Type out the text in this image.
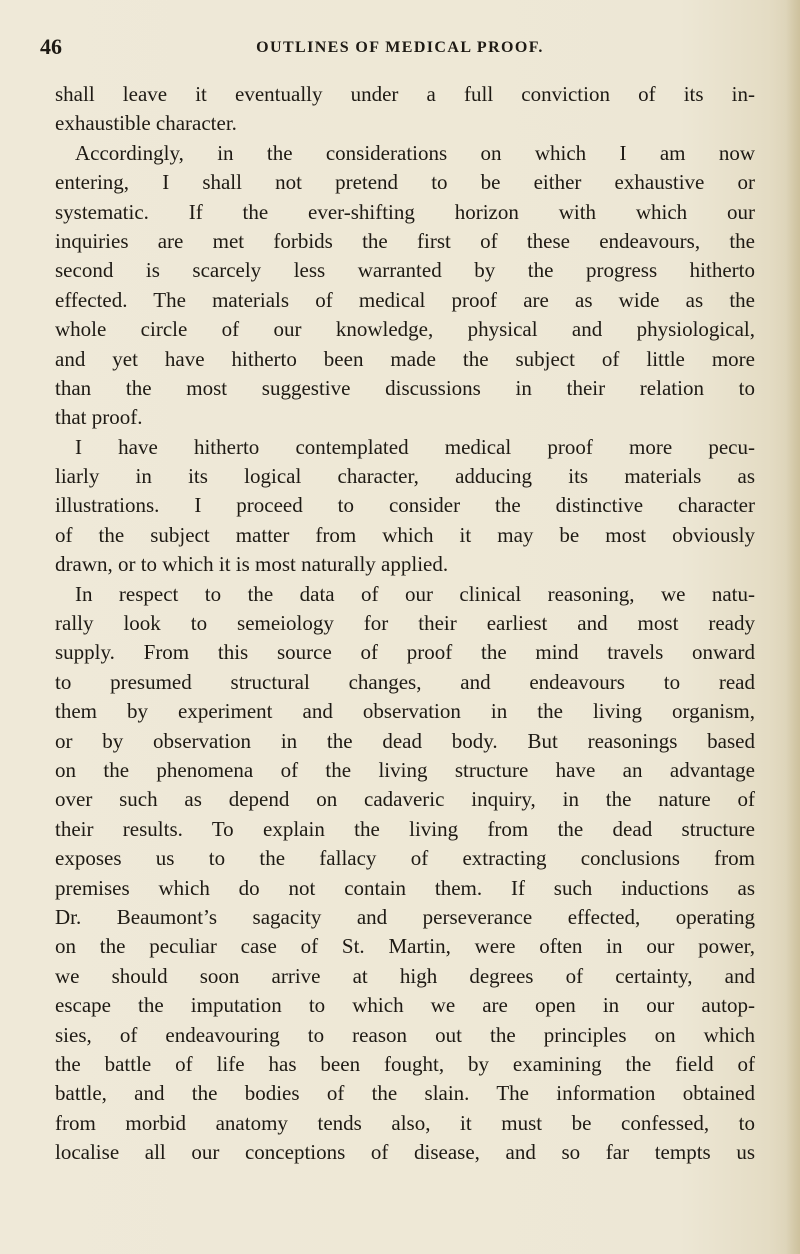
46	OUTLINES OF MEDICAL PROOF.
shall leave it eventually under a full conviction of its in-
exhaustible character.
Accordingly, in the considerations on which I am now
entering, I shall not pretend to be either exhaustive or
systematic. If the ever-shifting horizon with which our
inquiries are met forbids the first of these endeavours, the
second is scarcely less warranted by the progress hitherto
effected. The materials of medical proof are as wide as the
whole circle of our knowledge, physical and physiological,
and yet have hitherto been made the subject of little more
than the most suggestive discussions in their relation to
that proof.
I have hitherto contemplated medical proof more pecu-
liarly in its logical character, adducing its materials as
illustrations. I proceed to consider the distinctive character
of the subject matter from which it may be most obviously
drawn, or to which it is most naturally applied.
In respect to the data of our clinical reasoning, we natu-
rally look to semeiology for their earliest and most ready
supply. From this source of proof the mind travels onward
to presumed structural changes, and endeavours to read
them by experiment and observation in the living organism,
or by observation in the dead body. But reasonings based
on the phenomena of the living structure have an advantage
over such as depend on cadaveric inquiry, in the nature of
their results. To explain the living from the dead structure
exposes us to the fallacy of extracting conclusions from
premises which do not contain them. If such inductions as
Dr. Beaumont’s sagacity and perseverance effected, operating
on the peculiar case of St. Martin, were often in our power,
we should soon arrive at high degrees of certainty, and
escape the imputation to which we are open in our autop-
sies, of endeavouring to reason out the principles on which
the battle of life has been fought, by examining the field of
battle, and the bodies of the slain. The information obtained
from morbid anatomy tends also, it must be confessed, to
localise all our conceptions of disease, and so far tempts us
